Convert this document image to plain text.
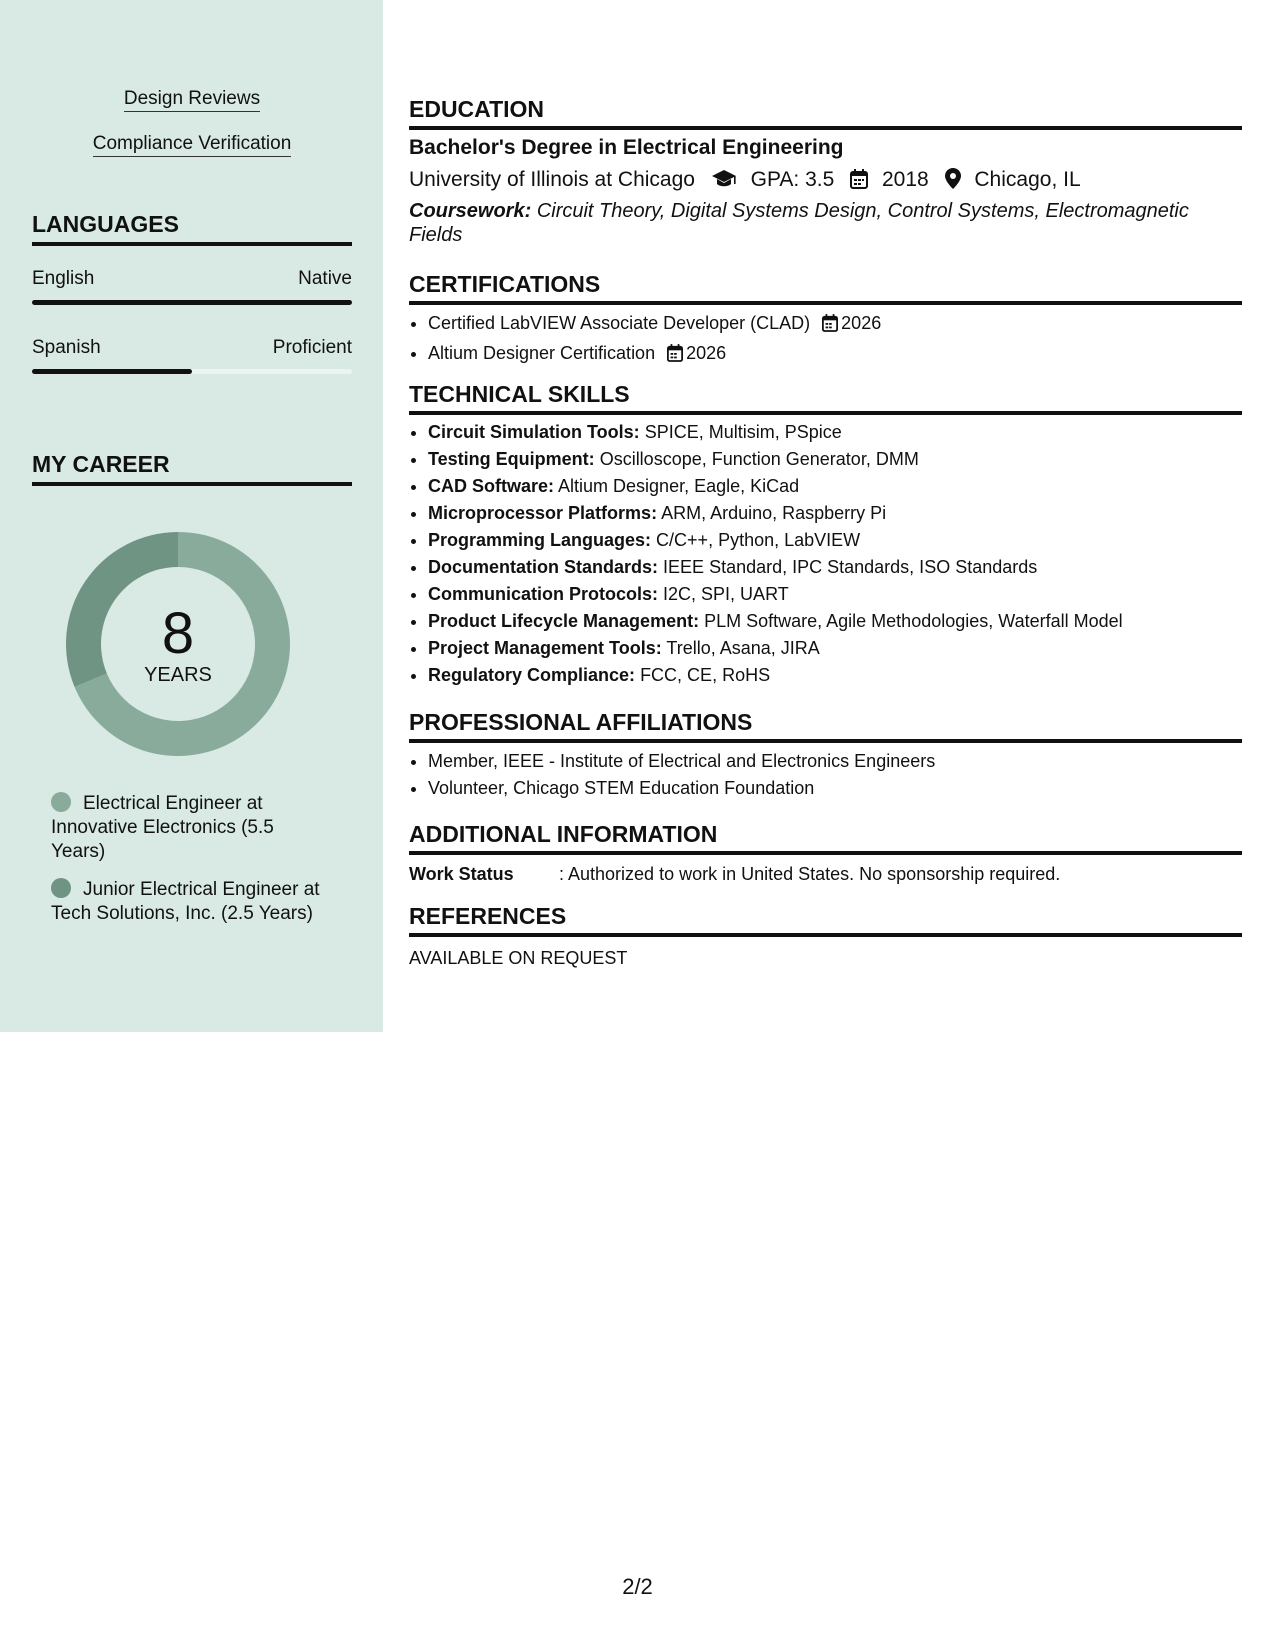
Design Reviews
Compliance Verification
LANGUAGES
English	Native
Spanish	Proficient
MY CAREER
8
YEARS
Electrical Engineer at Innovative Electronics (5.5 Years)
Junior Electrical Engineer at Tech Solutions, Inc. (2.5 Years)
EDUCATION
Bachelor's Degree in Electrical Engineering
University of Illinois at Chicago	GPA: 3.5 2018 Chicago, IL
Coursework: Circuit Theory, Digital Systems Design, Control Systems, Electromagnetic Fields
CERTIFICATIONS
• Certified LabVIEW Associate Developer (CLAD) 2026
• Altium Designer Certification 2026
TECHNICAL SKILLS
• Circuit Simulation Tools: SPICE, Multisim, PSpice
• Testing Equipment: Oscilloscope, Function Generator, DMM
• CAD Software: Altium Designer, Eagle, KiCad
• Microprocessor Platforms: ARM, Arduino, Raspberry Pi
• Programming Languages: C/C++, Python, LabVIEW
• Documentation Standards: IEEE Standard, IPC Standards, ISO Standards
• Communication Protocols: I2C, SPI, UART
• Product Lifecycle Management: PLM Software, Agile Methodologies, Waterfall Model
• Project Management Tools: Trello, Asana, JIRA
• Regulatory Compliance: FCC, CE, RoHS
PROFESSIONAL AFFILIATIONS
• Member, IEEE - Institute of Electrical and Electronics Engineers
• Volunteer, Chicago STEM Education Foundation
ADDITIONAL INFORMATION
Work Status	: Authorized to work in United States. No sponsorship required.
REFERENCES
AVAILABLE ON REQUEST
2/2
